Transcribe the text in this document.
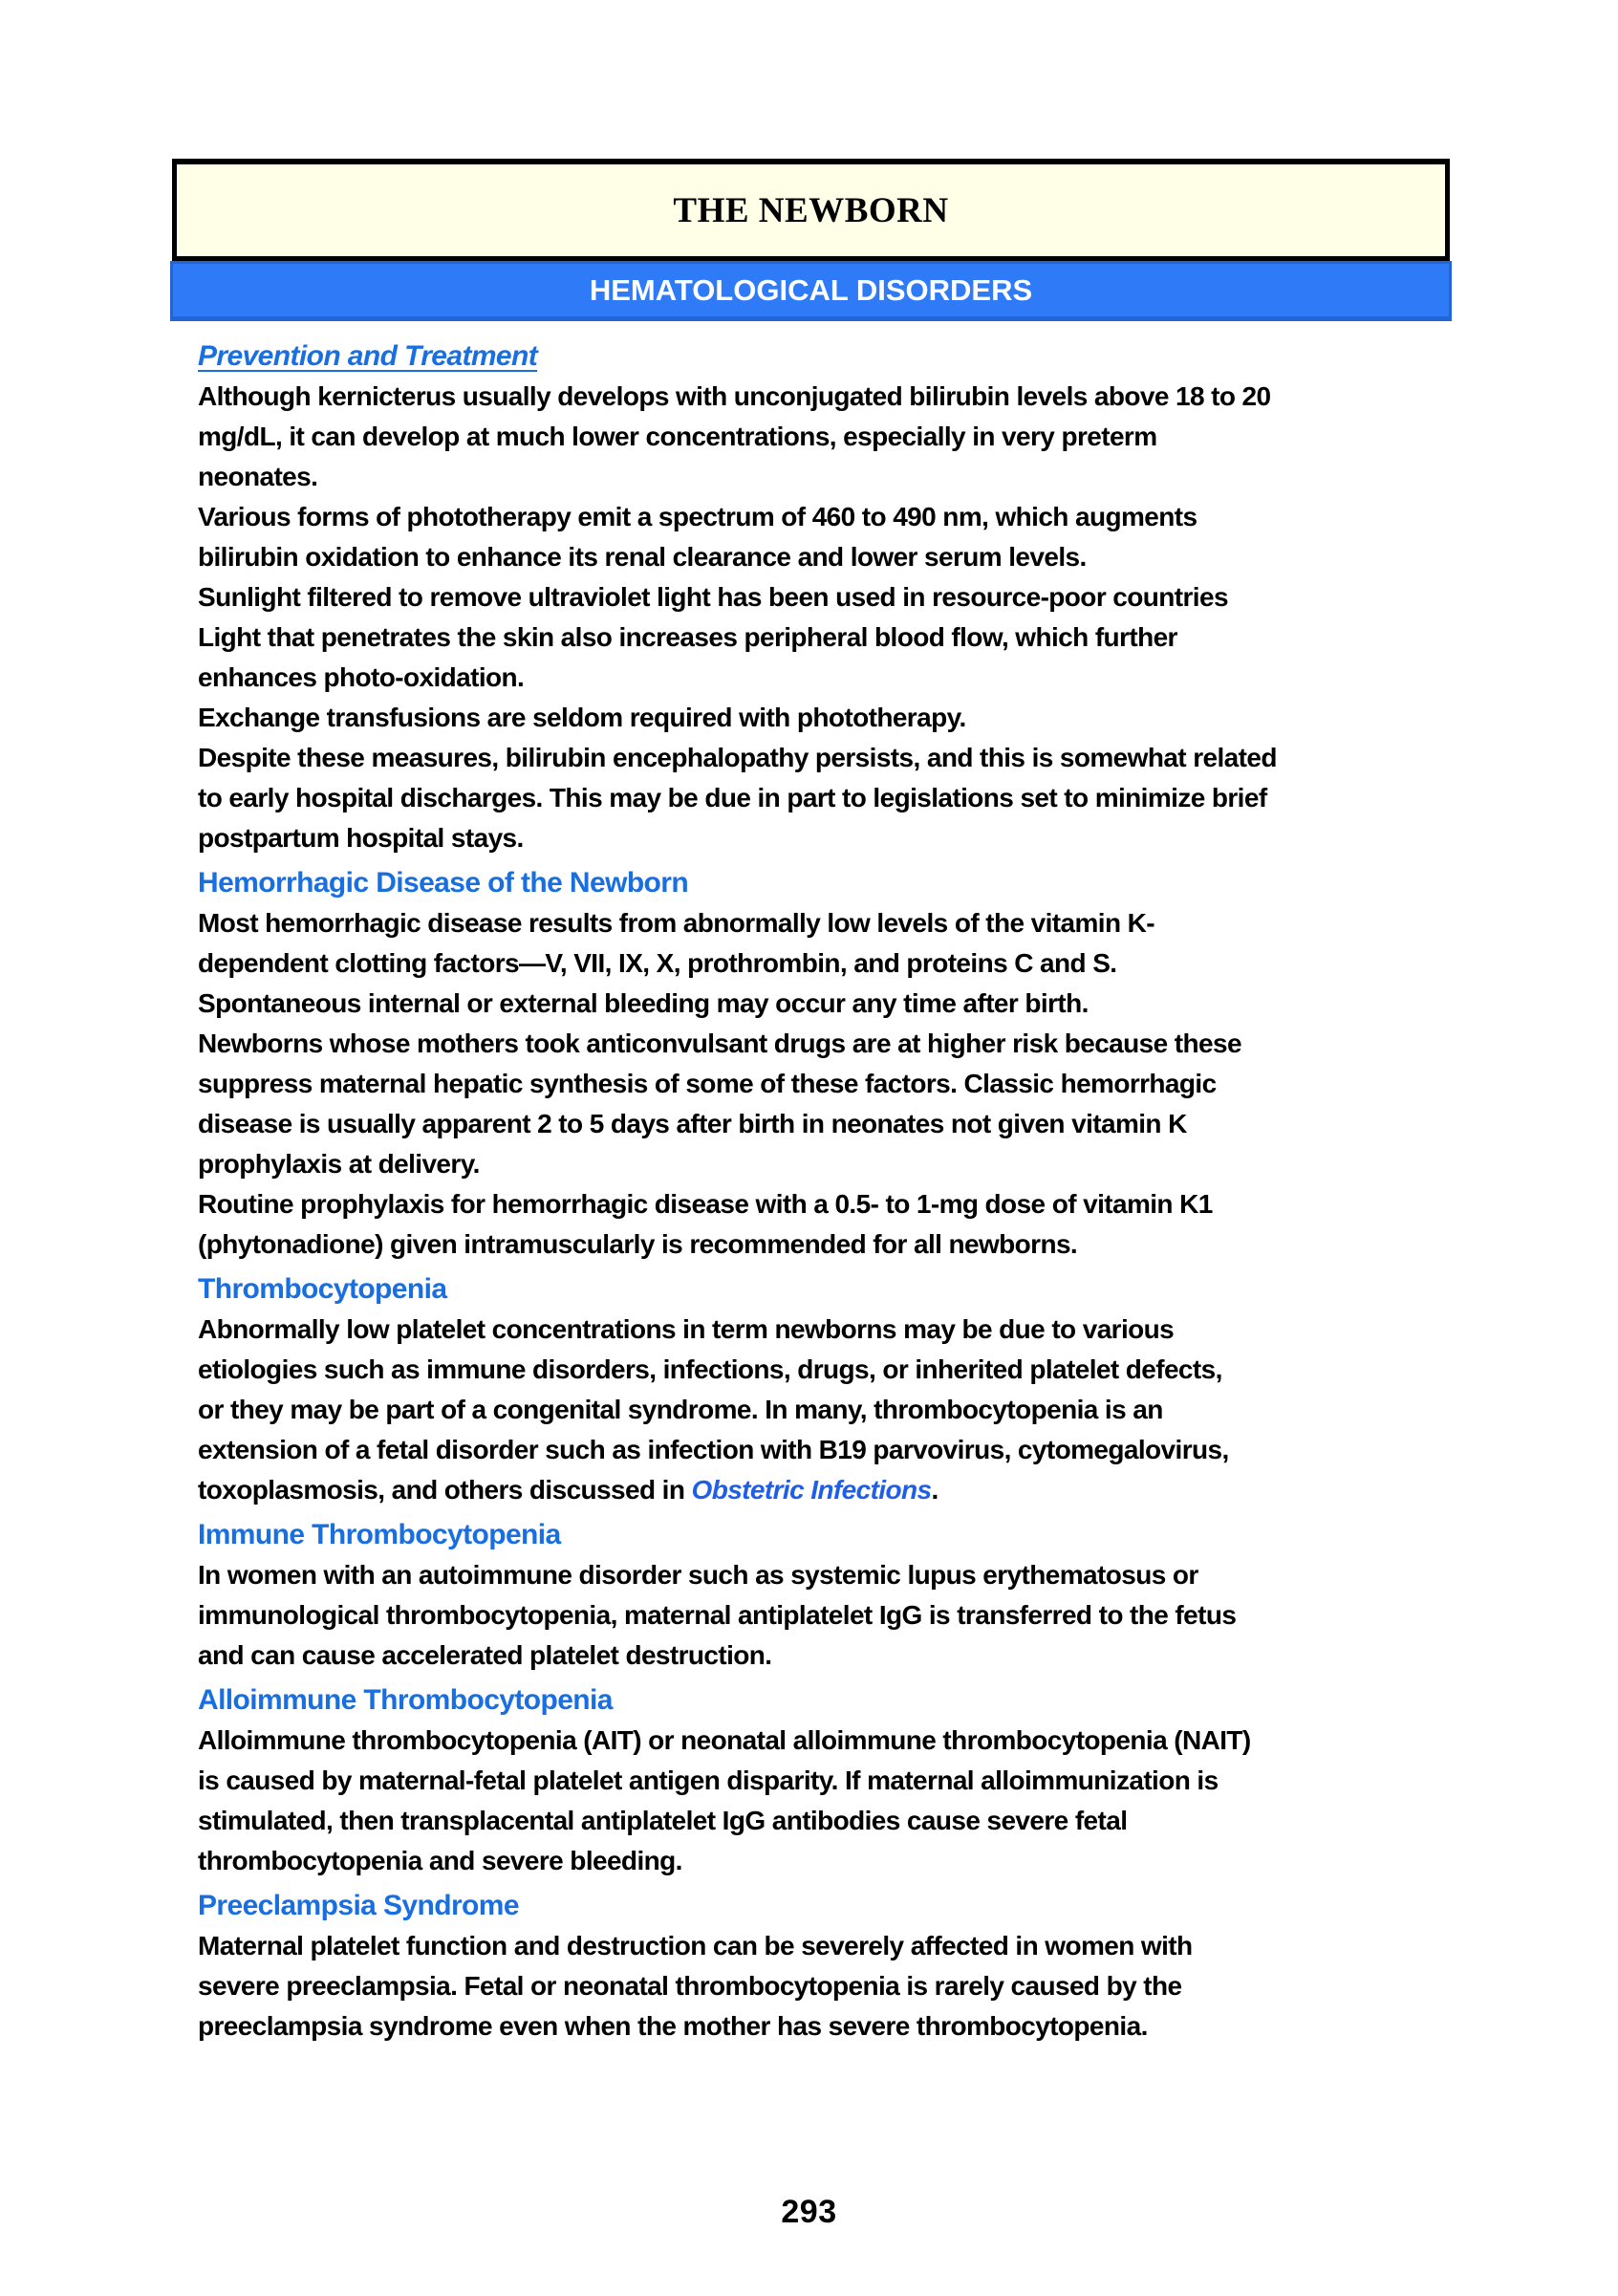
THE NEWBORN
HEMATOLOGICAL DISORDERS
Prevention and Treatment
Although kernicterus usually develops with unconjugated bilirubin levels above 18 to 20
mg/dL, it can develop at much lower concentrations, especially in very preterm
neonates.
Various forms of phototherapy emit a spectrum of 460 to 490 nm, which augments
bilirubin oxidation to enhance its renal clearance and lower serum levels.
Sunlight filtered to remove ultraviolet light has been used in resource-poor countries
Light that penetrates the skin also increases peripheral blood flow, which further
enhances photo-oxidation.
Exchange transfusions are seldom required with phototherapy.
Despite these measures, bilirubin encephalopathy persists, and this is somewhat related
to early hospital discharges. This may be due in part to legislations set to minimize brief
postpartum hospital stays.
Hemorrhagic Disease of the Newborn
Most hemorrhagic disease results from abnormally low levels of the vitamin K-
dependent clotting factors—V, VII, IX, X, prothrombin, and proteins C and S.
Spontaneous internal or external bleeding may occur any time after birth.
Newborns whose mothers took anticonvulsant drugs are at higher risk because these
suppress maternal hepatic synthesis of some of these factors. Classic hemorrhagic
disease is usually apparent 2 to 5 days after birth in neonates not given vitamin K
prophylaxis at delivery.
Routine prophylaxis for hemorrhagic disease with a 0.5- to 1-mg dose of vitamin K1
(phytonadione) given intramuscularly is recommended for all newborns.
Thrombocytopenia
Abnormally low platelet concentrations in term newborns may be due to various
etiologies such as immune disorders, infections, drugs, or inherited platelet defects,
or they may be part of a congenital syndrome. In many, thrombocytopenia is an
extension of a fetal disorder such as infection with B19 parvovirus, cytomegalovirus,
toxoplasmosis, and others discussed in Obstetric Infections.
Immune Thrombocytopenia
In women with an autoimmune disorder such as systemic lupus erythematosus or
immunological thrombocytopenia, maternal antiplatelet IgG is transferred to the fetus
and can cause accelerated platelet destruction.
Alloimmune Thrombocytopenia
Alloimmune thrombocytopenia (AIT) or neonatal alloimmune thrombocytopenia (NAIT)
is caused by maternal-fetal platelet antigen disparity. If maternal alloimmunization is
stimulated, then transplacental antiplatelet IgG antibodies cause severe fetal
thrombocytopenia and severe bleeding.
Preeclampsia Syndrome
Maternal platelet function and destruction can be severely affected in women with
severe preeclampsia. Fetal or neonatal thrombocytopenia is rarely caused by the
preeclampsia syndrome even when the mother has severe thrombocytopenia.
293
